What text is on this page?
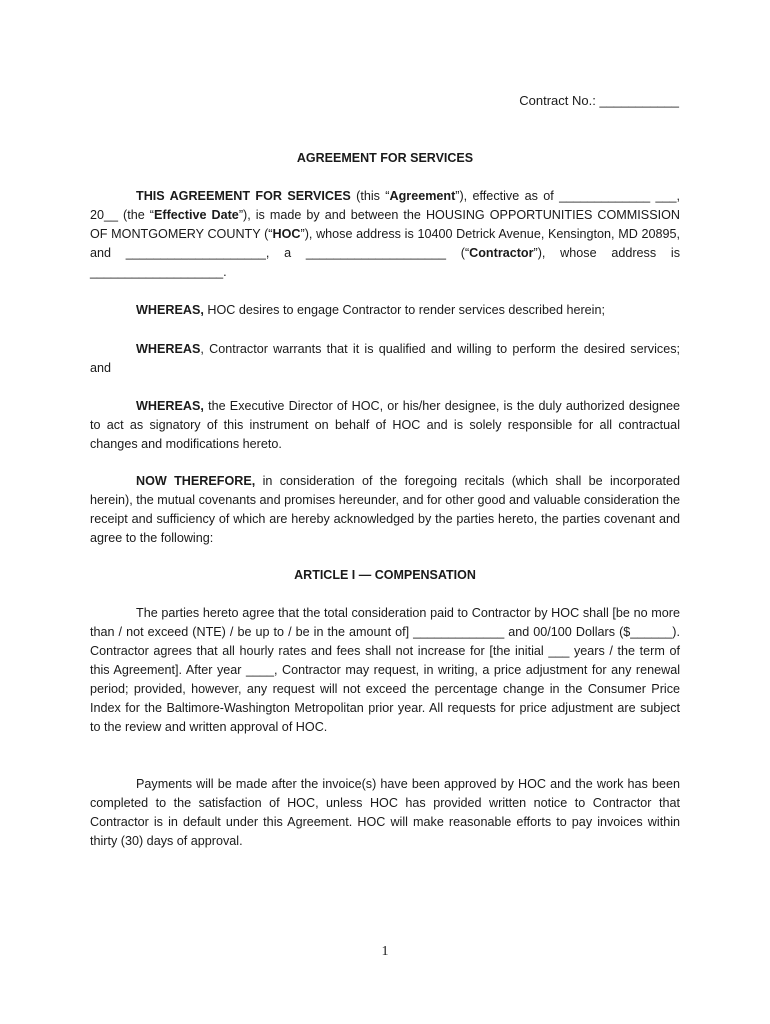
Contract No.: ___________
AGREEMENT FOR SERVICES

THIS AGREEMENT FOR SERVICES (this “Agreement”), effective as of _____________ ___, 20__ (the “Effective Date”), is made by and between the HOUSING OPPORTUNITIES COMMISSION OF MONTGOMERY COUNTY (“HOC”), whose address is 10400 Detrick Avenue, Kensington, MD 20895, and ____________________, a ____________________ (“Contractor”), whose address is ___________________.

WHEREAS, HOC desires to engage Contractor to render services described herein;

WHEREAS, Contractor warrants that it is qualified and willing to perform the desired services; and

WHEREAS, the Executive Director of HOC, or his/her designee, is the duly authorized designee to act as signatory of this instrument on behalf of HOC and is solely responsible for all contractual changes and modifications hereto.

NOW THEREFORE, in consideration of the foregoing recitals (which shall be incorporated herein), the mutual covenants and promises hereunder, and for other good and valuable consideration the receipt and sufficiency of which are hereby acknowledged by the parties hereto, the parties covenant and agree to the following:

ARTICLE I — COMPENSATION

The parties hereto agree that the total consideration paid to Contractor by HOC shall [be no more than / not exceed (NTE) / be up to / be in the amount of] _____________ and 00/100 Dollars ($______). Contractor agrees that all hourly rates and fees shall not increase for [the initial ___ years / the term of this Agreement]. After year ____, Contractor may request, in writing, a price adjustment for any renewal period; provided, however, any request will not exceed the percentage change in the Consumer Price Index for the Baltimore-Washington Metropolitan prior year. All requests for price adjustment are subject to the review and written approval of HOC.

Payments will be made after the invoice(s) have been approved by HOC and the work has been completed to the satisfaction of HOC, unless HOC has provided written notice to Contractor that Contractor is in default under this Agreement. HOC will make reasonable efforts to pay invoices within thirty (30) days of approval.

1
